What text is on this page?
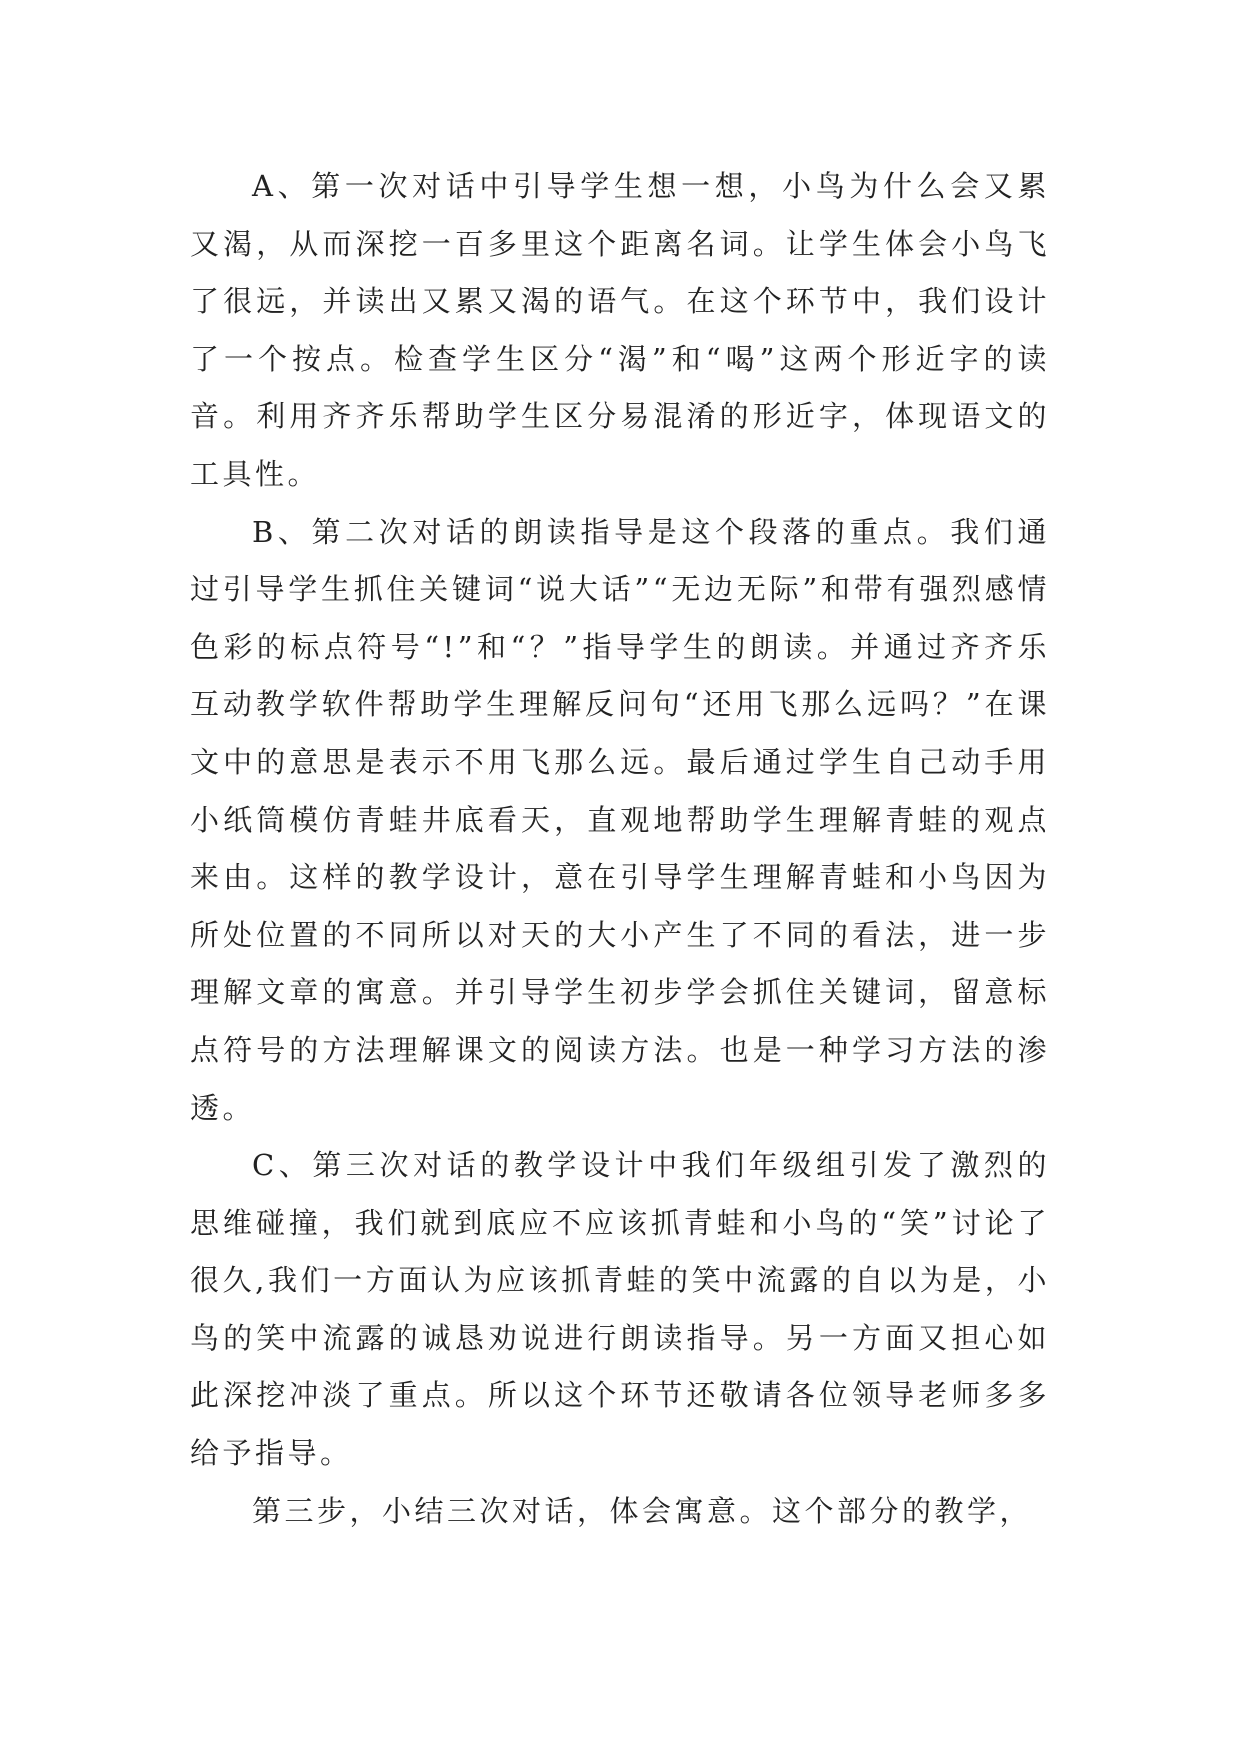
A、第一次对话中引导学生想一想，小鸟为什么会又累又渴，从而深挖一百多里这个距离名词。让学生体会小鸟飞了很远，并读出又累又渴的语气。在这个环节中，我们设计了一个按点。检查学生区分“渴”和“喝”这两个形近字的读音。利用齐齐乐帮助学生区分易混淆的形近字，体现语文的工具性。

B、第二次对话的朗读指导是这个段落的重点。我们通过引导学生抓住关键词“说大话”“无边无际”和带有强烈感情色彩的标点符号“!”和“？”指导学生的朗读。并通过齐齐乐互动教学软件帮助学生理解反问句“还用飞那么远吗？”在课文中的意思是表示不用飞那么远。最后通过学生自己动手用小纸筒模仿青蛙井底看天，直观地帮助学生理解青蛙的观点来由。这样的教学设计，意在引导学生理解青蛙和小鸟因为所处位置的不同所以对天的大小产生了不同的看法，进一步理解文章的寓意。并引导学生初步学会抓住关键词，留意标点符号的方法理解课文的阅读方法。也是一种学习方法的渗透。

C、第三次对话的教学设计中我们年级组引发了激烈的思维碰撞，我们就到底应不应该抓青蛙和小鸟的“笑”讨论了很久,我们一方面认为应该抓青蛙的笑中流露的自以为是，小鸟的笑中流露的诚恳劝说进行朗读指导。另一方面又担心如此深挖冲淡了重点。所以这个环节还敬请各位领导老师多多给予指导。

第三步，小结三次对话，体会寓意。这个部分的教学，
